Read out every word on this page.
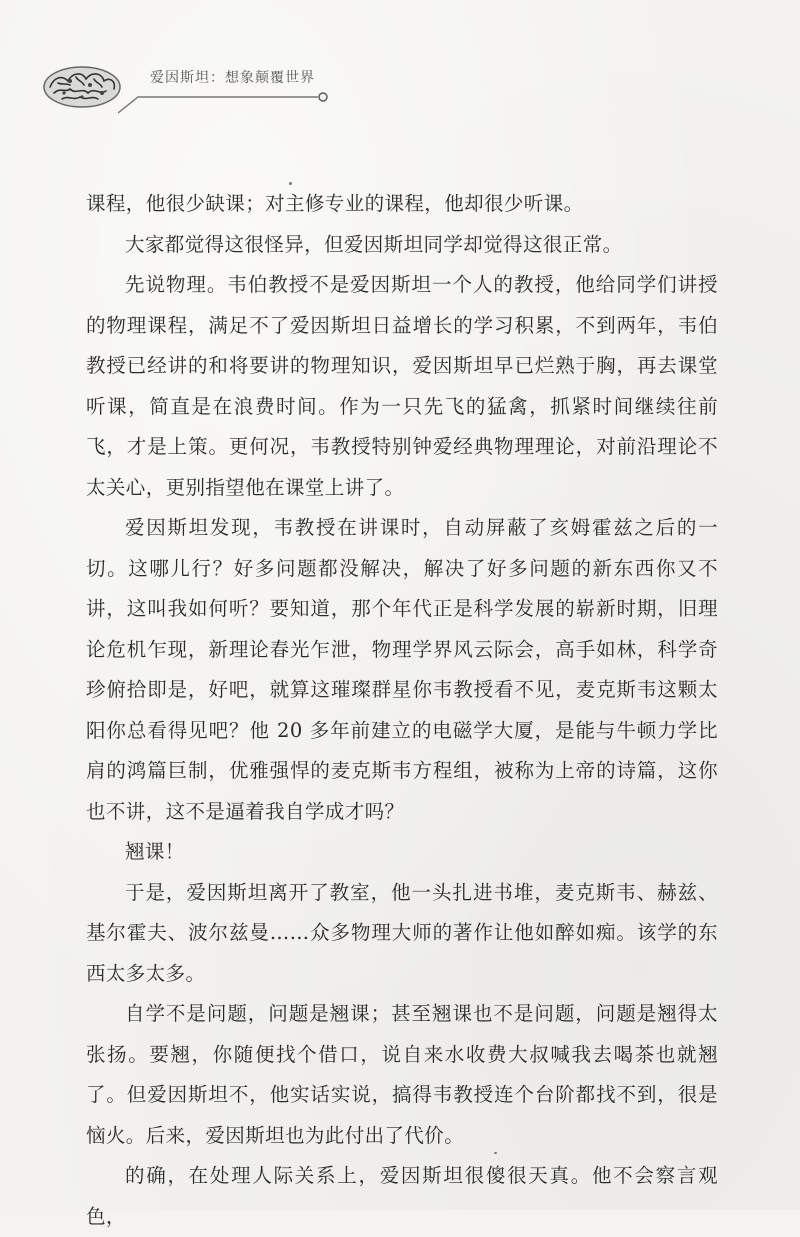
爱因斯坦：想象颠覆世界

课程，他很少缺课；对主修专业的课程，他却很少听课。

大家都觉得这很怪异，但爱因斯坦同学却觉得这很正常。

先说物理。韦伯教授不是爱因斯坦一个人的教授，他给同学们讲授的物理课程，满足不了爱因斯坦日益增长的学习积累，不到两年，韦伯教授已经讲的和将要讲的物理知识，爱因斯坦早已烂熟于胸，再去课堂听课，简直是在浪费时间。作为一只先飞的猛禽，抓紧时间继续往前飞，才是上策。更何况，韦教授特别钟爱经典物理理论，对前沿理论不太关心，更别指望他在课堂上讲了。

爱因斯坦发现，韦教授在讲课时，自动屏蔽了亥姆霍兹之后的一切。这哪儿行？好多问题都没解决，解决了好多问题的新东西你又不讲，这叫我如何听？要知道，那个年代正是科学发展的崭新时期，旧理论危机乍现，新理论春光乍泄，物理学界风云际会，高手如林，科学奇珍俯拾即是，好吧，就算这璀璨群星你韦教授看不见，麦克斯韦这颗太阳你总看得见吧？他 20 多年前建立的电磁学大厦，是能与牛顿力学比肩的鸿篇巨制，优雅强悍的麦克斯韦方程组，被称为上帝的诗篇，这你也不讲，这不是逼着我自学成才吗？

翘课！

于是，爱因斯坦离开了教室，他一头扎进书堆，麦克斯韦、赫兹、基尔霍夫、波尔兹曼……众多物理大师的著作让他如醉如痴。该学的东西太多太多。

自学不是问题，问题是翘课；甚至翘课也不是问题，问题是翘得太张扬。要翘，你随便找个借口，说自来水收费大叔喊我去喝茶也就翘了。但爱因斯坦不，他实话实说，搞得韦教授连个台阶都找不到，很是恼火。后来，爱因斯坦也为此付出了代价。

的确，在处理人际关系上，爱因斯坦很傻很天真。他不会察言观色，
